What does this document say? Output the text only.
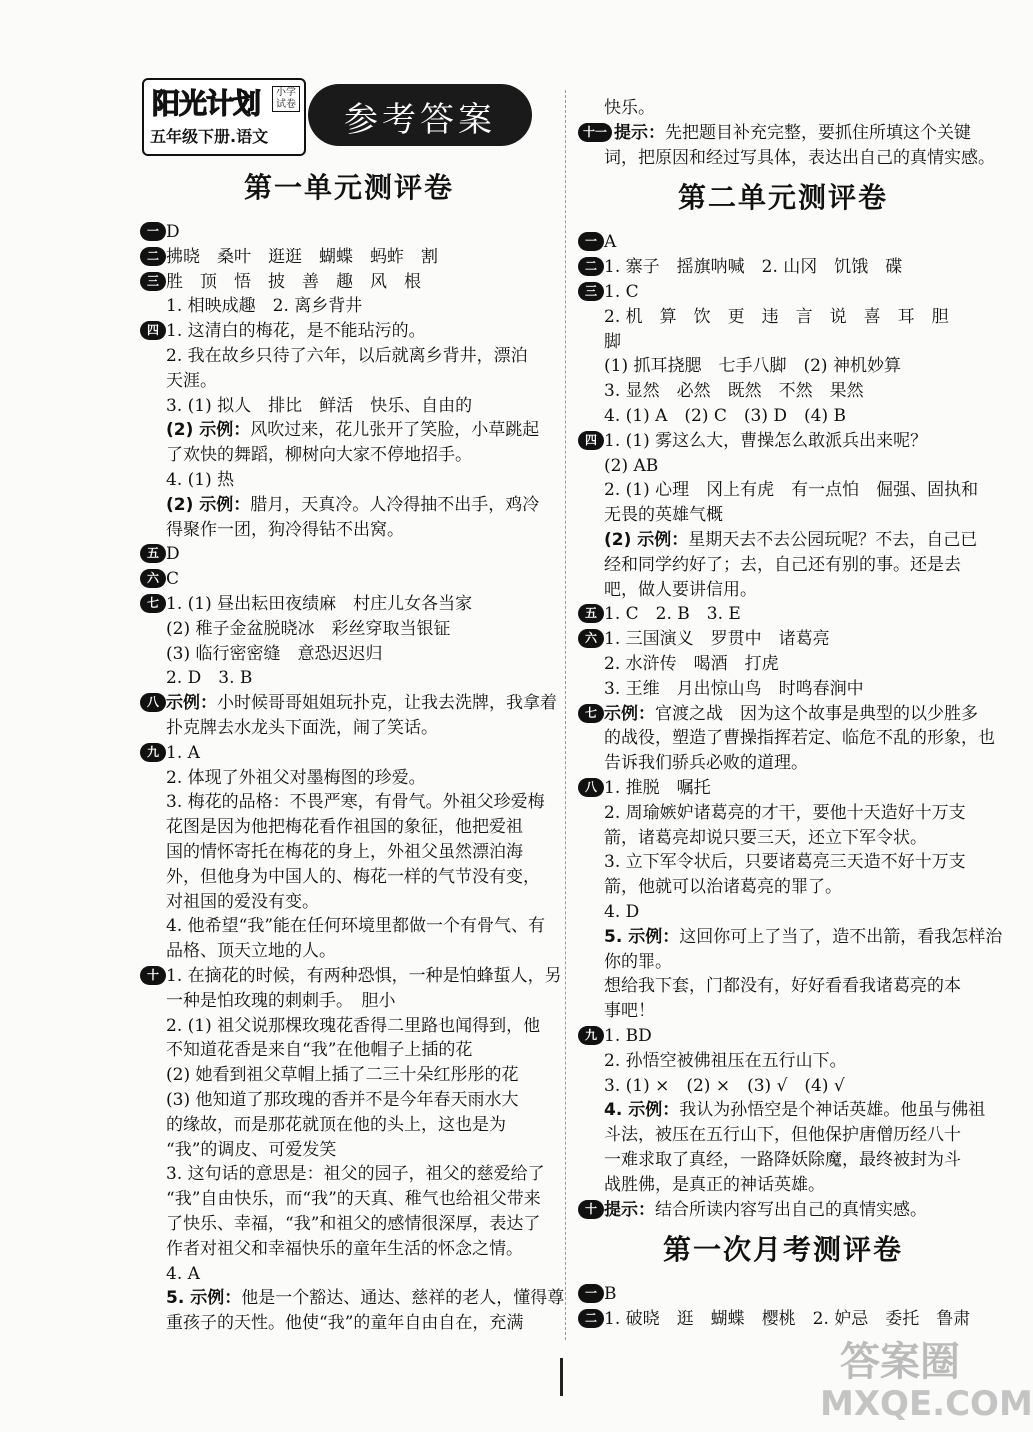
阳光计划	小学试卷
五年级下册.语文	参考答案
第一单元测评卷
一 D
二 拂晓　桑叶　逛逛　蝴蝶　蚂蚱　割
三 胜　顶　悟　披　善　趣　风　根
1. 相映成趣　2. 离乡背井
四 1. 这清白的梅花，是不能玷污的。
2. 我在故乡只待了六年，以后就离乡背井，漂泊
天涯。
3. (1) 拟人　排比　鲜活　快乐、自由的
(2) 示例：风吹过来，花儿张开了笑脸，小草跳起
了欢快的舞蹈，柳树向大家不停地招手。
4. (1) 热
(2) 示例：腊月，天真冷。人冷得抽不出手，鸡冷
得聚作一团，狗冷得钻不出窝。
五 D
六 C
七 1. (1) 昼出耘田夜绩麻　村庄儿女各当家
(2) 稚子金盆脱晓冰　彩丝穿取当银钲
(3) 临行密密缝　意恐迟迟归
2. D　3. B
八 示例：小时候哥哥姐姐玩扑克，让我去洗牌，我拿着
扑克牌去水龙头下面洗，闹了笑话。
九 1. A
2. 体现了外祖父对墨梅图的珍爱。
3. 梅花的品格：不畏严寒，有骨气。外祖父珍爱梅
花图是因为他把梅花看作祖国的象征，他把爱祖
国的情怀寄托在梅花的身上，外祖父虽然漂泊海
外，但他身为中国人的、梅花一样的气节没有变，
对祖国的爱没有变。
4. 他希望“我”能在任何环境里都做一个有骨气、有
品格、顶天立地的人。
十 1. 在摘花的时候，有两种恐惧，一种是怕蜂蜇人，另
一种是怕玫瑰的刺刺手。　胆小
2. (1) 祖父说那棵玫瑰花香得二里路也闻得到，他
不知道花香是来自“我”在他帽子上插的花
(2) 她看到祖父草帽上插了二三十朵红彤彤的花
(3) 他知道了那玫瑰的香并不是今年春天雨水大
的缘故，而是那花就顶在他的头上，这也是为
“我”的调皮、可爱发笑
3. 这句话的意思是：祖父的园子，祖父的慈爱给了
“我”自由快乐，而“我”的天真、稚气也给祖父带来
了快乐、幸福，“我”和祖父的感情很深厚，表达了
作者对祖父和幸福快乐的童年生活的怀念之情。
4. A
5. 示例：他是一个豁达、通达、慈祥的老人，懂得尊
重孩子的天性。他使“我”的童年自由自在，充满
快乐。
十一 提示：先把题目补充完整，要抓住所填这个关键
词，把原因和经过写具体，表达出自己的真情实感。
第二单元测评卷
一 A
二 1. 寨子　摇旗呐喊　2. 山冈　饥饿　碟
三 1. C
2. 机　算　饮　更　违　言　说　喜　耳　胆
脚
(1) 抓耳挠腮　七手八脚　(2) 神机妙算
3. 显然　必然　既然　不然　果然
4. (1) A　(2) C　(3) D　(4) B
四 1. (1) 雾这么大，曹操怎么敢派兵出来呢？
(2) AB
2. (1) 心理　冈上有虎　有一点怕　倔强、固执和
无畏的英雄气概
(2) 示例：星期天去不去公园玩呢？不去，自己已
经和同学约好了；去，自己还有别的事。还是去
吧，做人要讲信用。
五 1. C　2. B　3. E
六 1. 三国演义　罗贯中　诸葛亮
2. 水浒传　喝酒　打虎
3. 王维　月出惊山鸟　时鸣春涧中
七 示例：官渡之战　因为这个故事是典型的以少胜多
的战役，塑造了曹操指挥若定、临危不乱的形象，也
告诉我们骄兵必败的道理。
八 1. 推脱　嘱托
2. 周瑜嫉妒诸葛亮的才干，要他十天造好十万支
箭，诸葛亮却说只要三天，还立下军令状。
3. 立下军令状后，只要诸葛亮三天造不好十万支
箭，他就可以治诸葛亮的罪了。
4. D
5. 示例：这回你可上了当了，造不出箭，看我怎样治
你的罪。
想给我下套，门都没有，好好看看我诸葛亮的本
事吧！
九 1. BD
2. 孙悟空被佛祖压在五行山下。
3. (1) ×　(2) ×　(3) √　(4) √
4. 示例：我认为孙悟空是个神话英雄。他虽与佛祖
斗法，被压在五行山下，但他保护唐僧历经八十
一难求取了真经，一路降妖除魔，最终被封为斗
战胜佛，是真正的神话英雄。
十 提示：结合所读内容写出自己的真情实感。
第一次月考测评卷
一 B
二 1. 破晓　逛　蝴蝶　樱桃　2. 妒忌　委托　鲁肃
答案圈
MXQE.COM
